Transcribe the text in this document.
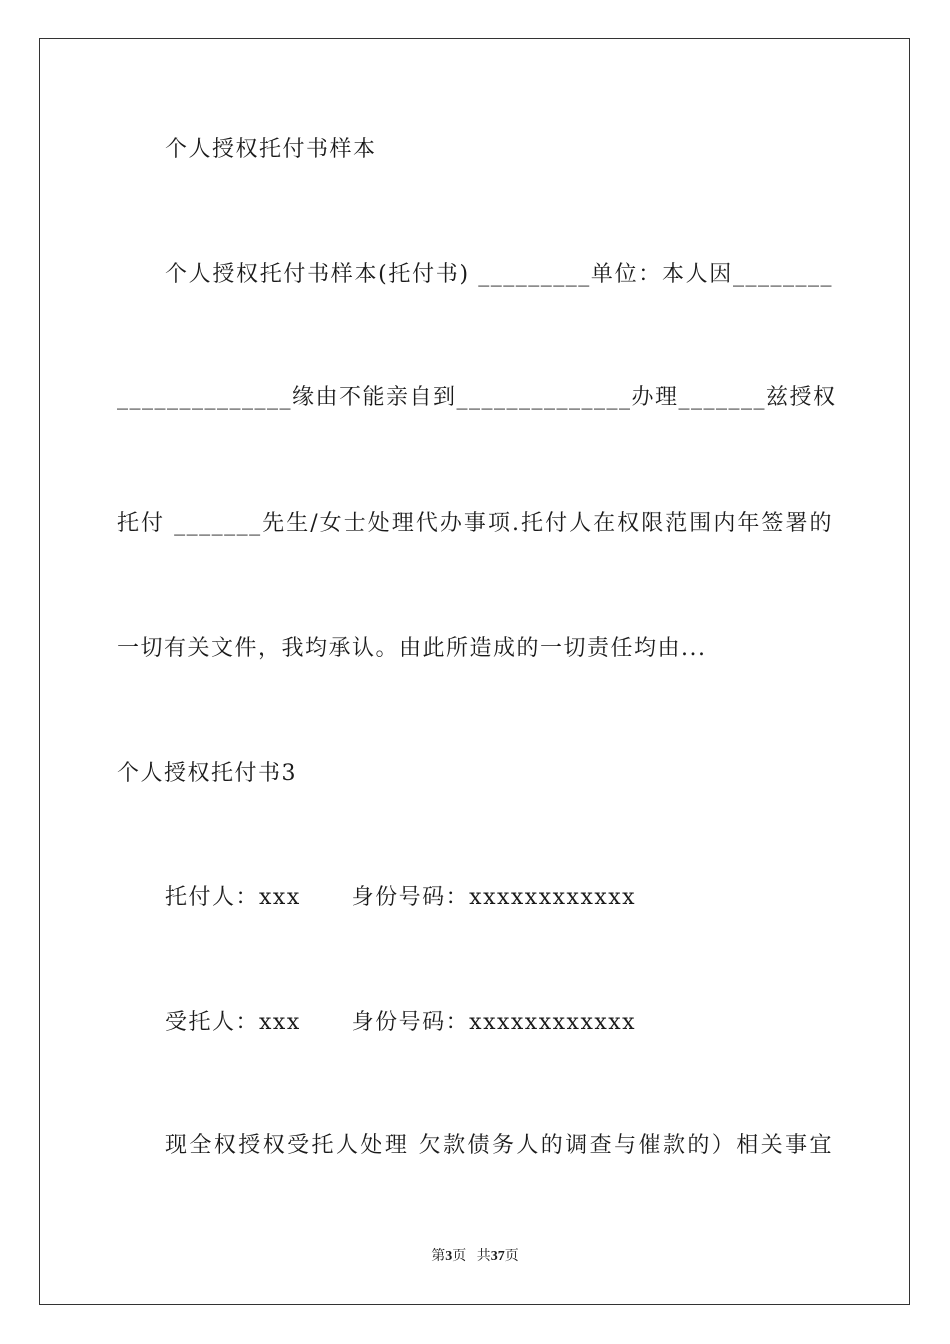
个人授权托付书样本
个人授权托付书样本(托付书) _________单位：本人因________
______________缘由不能亲自到______________办理_______兹授权
托付 _______先生/女士处理代办事项.托付人在权限范围内年签署的
一切有关文件，我均承认。由此所造成的一切责任均由...
个人授权托付书3
托付人：xxx      身份号码：xxxxxxxxxxxx
受托人：xxx      身份号码：xxxxxxxxxxxx
现全权授权受托人处理 欠款债务人的调查与催款的）相关事宜
第3页 共37页
